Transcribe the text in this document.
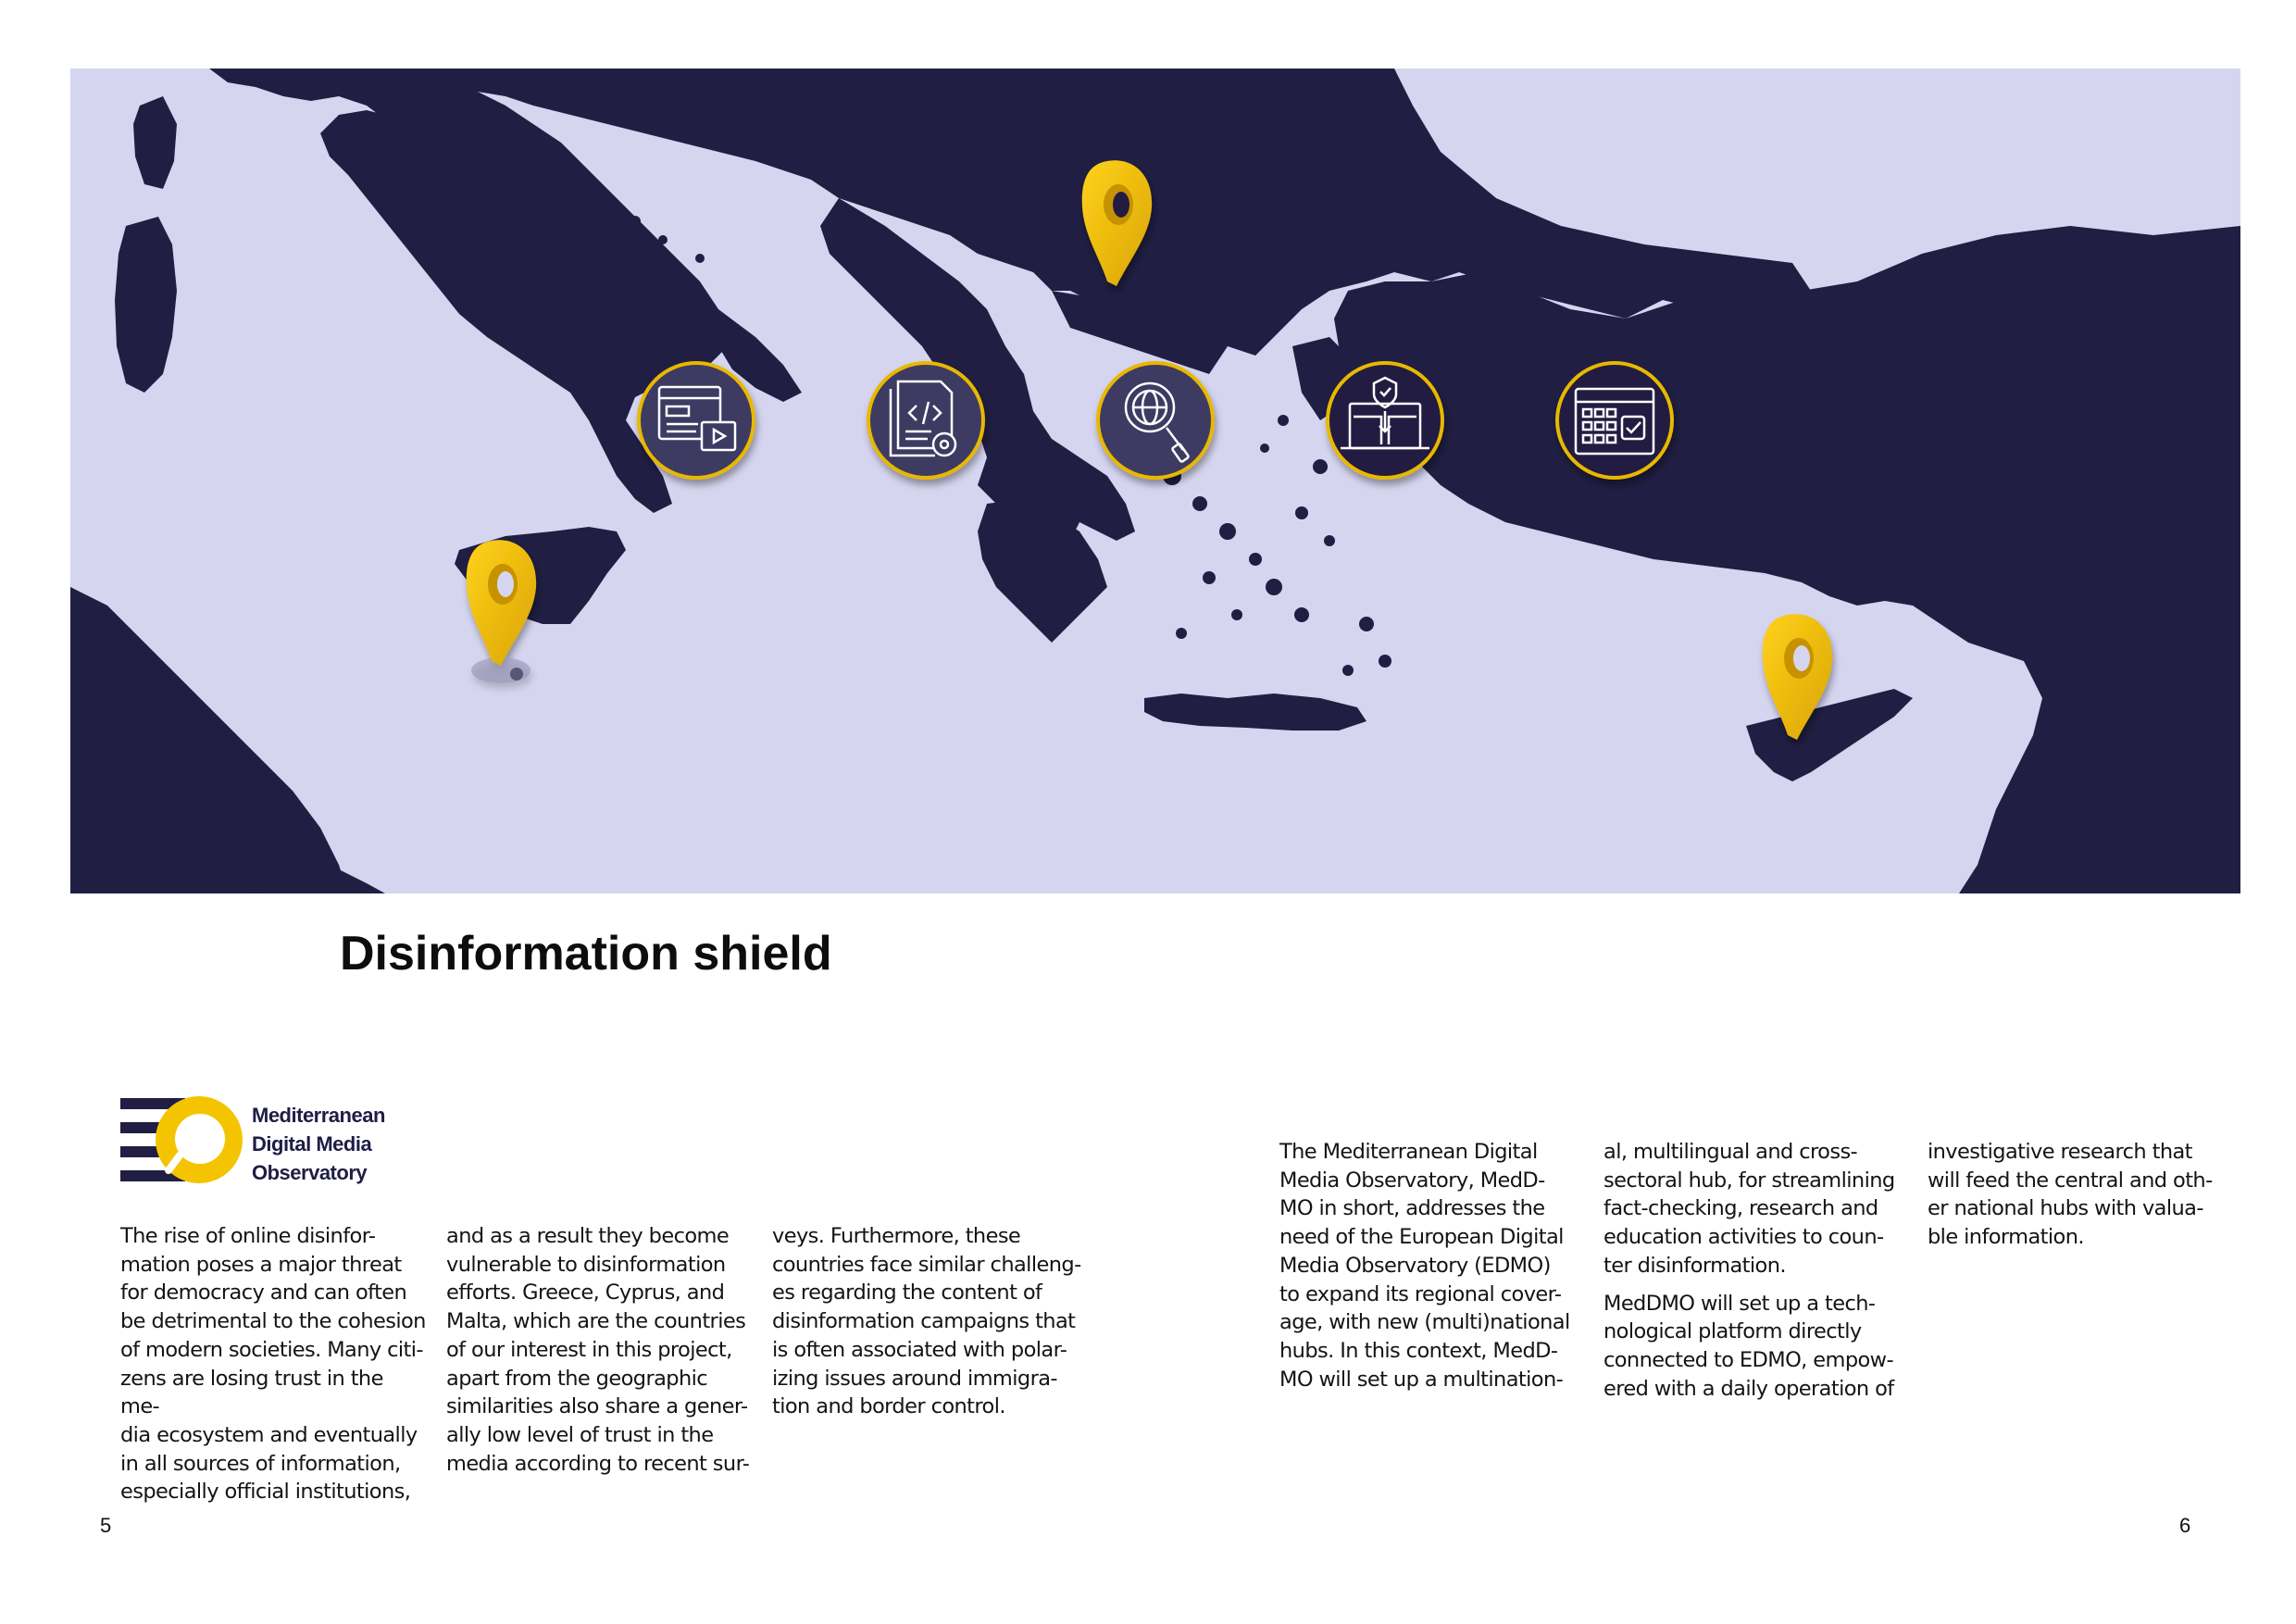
Disinformation shield
Mediterranean
Digital Media
Observatory

The rise of online disinfor-
mation poses a major threat
for democracy and can often
be detrimental to the cohesion
of modern societies. Many citi-
zens are losing trust in the me-
dia ecosystem and eventually
in all sources of information,
especially official institutions,

and as a result they become
vulnerable to disinformation
efforts. Greece, Cyprus, and
Malta, which are the countries
of our interest in this project,
apart from the geographic
similarities also share a gener-
ally low level of trust in the
media according to recent sur-

veys. Furthermore, these
countries face similar challeng-
es regarding the content of
disinformation campaigns that
is often associated with polar-
izing issues around immigra-
tion and border control.

The Mediterranean Digital
Media Observatory, MedD-
MO in short, addresses the
need of the European Digital
Media Observatory (EDMO)
to expand its regional cover-
age, with new (multi)national
hubs. In this context, MedD-
MO will set up a multination-

al, multilingual and cross-
sectoral hub, for streamlining
fact-checking, research and
education activities to coun-
ter disinformation.

MedDMO will set up a tech-
nological platform directly
connected to EDMO, empow-
ered with a daily operation of

investigative research that
will feed the central and oth-
er national hubs with valua-
ble information.

5	6
